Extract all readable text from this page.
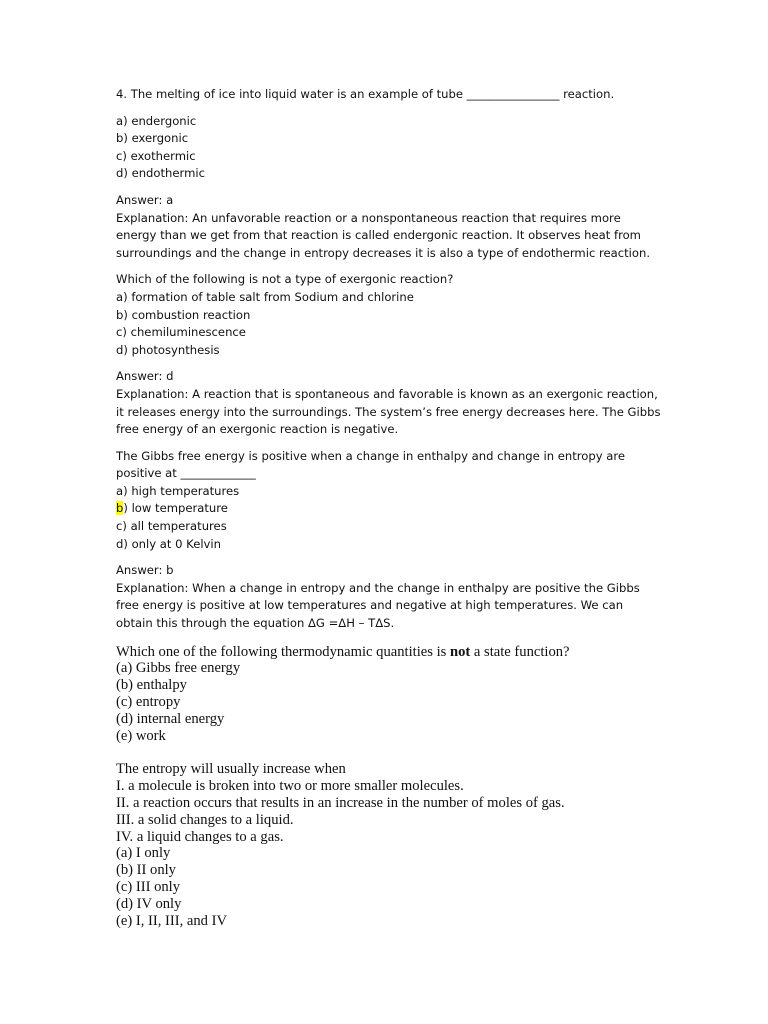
4. The melting of ice into liquid water is an example of tube ________________ reaction.
a) endergonic
b) exergonic
c) exothermic
d) endothermic
Answer: a
Explanation: An unfavorable reaction or a nonspontaneous reaction that requires more
energy than we get from that reaction is called endergonic reaction. It observes heat from
surroundings and the change in entropy decreases it is also a type of endothermic reaction.
Which of the following is not a type of exergonic reaction?
a) formation of table salt from Sodium and chlorine
b) combustion reaction
c) chemiluminescence
d) photosynthesis
Answer: d
Explanation: A reaction that is spontaneous and favorable is known as an exergonic reaction,
it releases energy into the surroundings. The system’s free energy decreases here. The Gibbs
free energy of an exergonic reaction is negative.
The Gibbs free energy is positive when a change in enthalpy and change in entropy are
positive at _____________
a) high temperatures
b) low temperature
c) all temperatures
d) only at 0 Kelvin
Answer: b
Explanation: When a change in entropy and the change in enthalpy are positive the Gibbs
free energy is positive at low temperatures and negative at high temperatures. We can
obtain this through the equation ΔG =ΔH – TΔS.
Which one of the following thermodynamic quantities is not a state function?
(a) Gibbs free energy
(b) enthalpy
(c) entropy
(d) internal energy
(e) work
The entropy will usually increase when
I. a molecule is broken into two or more smaller molecules.
II. a reaction occurs that results in an increase in the number of moles of gas.
III. a solid changes to a liquid.
IV. a liquid changes to a gas.
(a) I only
(b) II only
(c) III only
(d) IV only
(e) I, II, III, and IV
